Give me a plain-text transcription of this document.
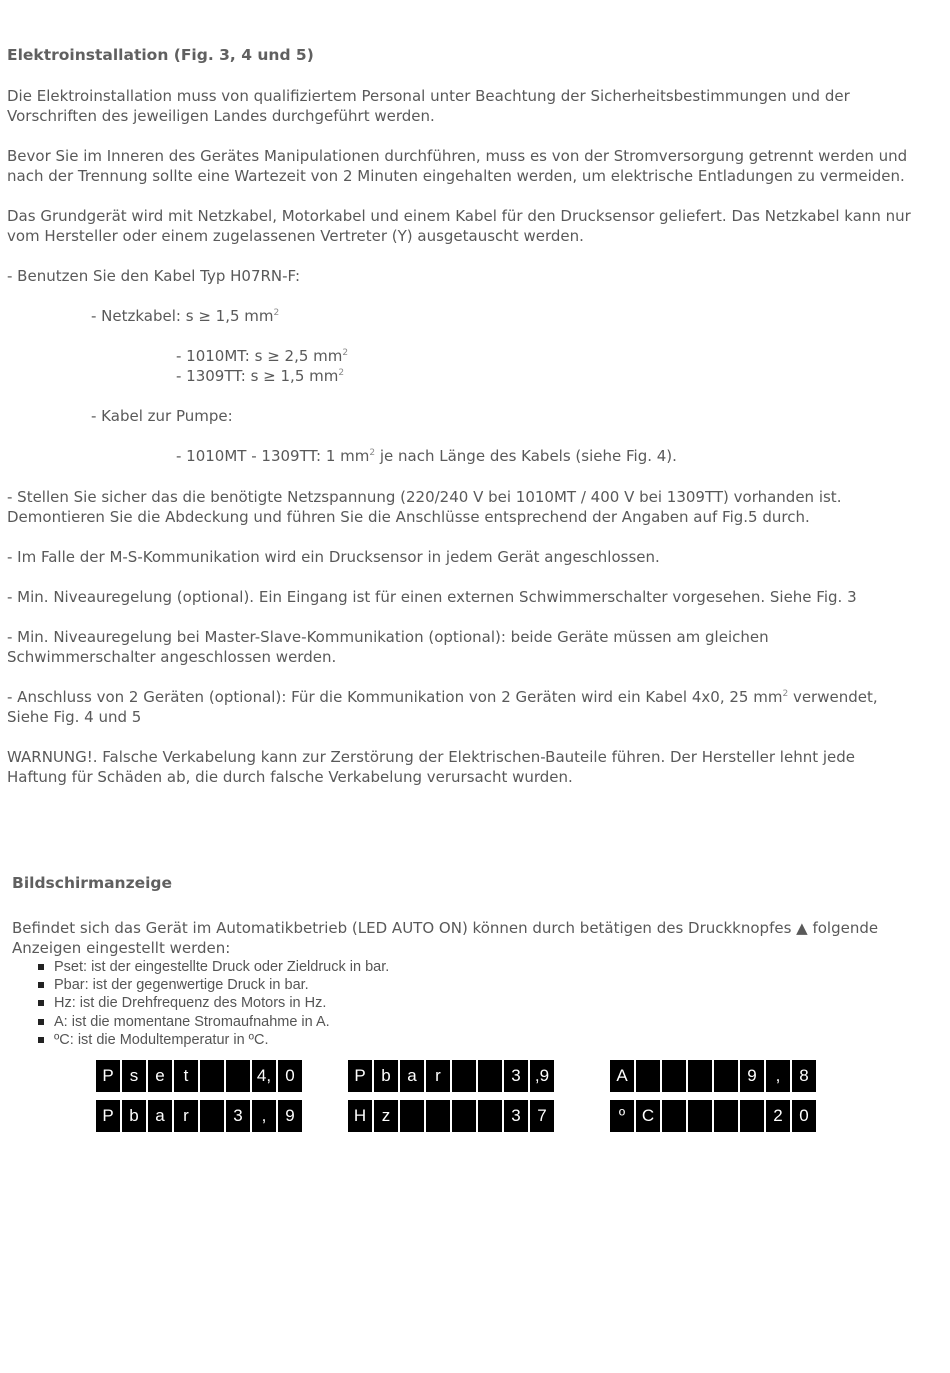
Elektroinstallation (Fig. 3, 4 und 5)

Die Elektroinstallation muss von qualifiziertem Personal unter Beachtung der Sicherheitsbestimmungen und der Vorschriften des jeweiligen Landes durchgeführt werden.

Bevor Sie im Inneren des Gerätes Manipulationen durchführen, muss es von der Stromversorgung getrennt werden und nach der Trennung sollte eine Wartezeit von 2 Minuten eingehalten werden, um elektrische Entladungen zu vermeiden.

Das Grundgerät wird mit Netzkabel, Motorkabel und einem Kabel für den Drucksensor geliefert. Das Netzkabel kann nur vom Hersteller oder einem zugelassenen Vertreter (Y) ausgetauscht werden.

- Benutzen Sie den Kabel Typ H07RN-F:

- Netzkabel: s ≥ 1,5 $mm^2$

- 1010MT: s ≥ 2,5 $mm^2$

- 1309TT: s ≥ 1,5 $mm^2$

- Kabel zur Pumpe:

- 1010MT - 1309TT: 1 $mm^2$ je nach Länge des Kabels (siehe Fig. 4).

- Stellen Sie sicher das die benötigte Netzspannung (220/240 V bei 1010MT / 400 V bei 1309TT) vorhanden ist. Demontieren Sie die Abdeckung und führen Sie die Anschlüsse entsprechend der Angaben auf Fig.5 durch.

- Im Falle der M-S-Kommunikation wird ein Drucksensor in jedem Gerät angeschlossen.

- Min. Niveauregelung (optional). Ein Eingang ist für einen externen Schwimmerschalter vorgesehen. Siehe Fig. 3

- Min. Niveauregelung bei Master-Slave-Kommunikation (optional): beide Geräte müssen am gleichen Schwimmerschalter angeschlossen werden.

- Anschluss von 2 Geräten (optional): Für die Kommunikation von 2 Geräten wird ein Kabel 4x0, 25 $mm^2$ verwendet, Siehe Fig. 4 und 5

WARNUNG!. Falsche Verkabelung kann zur Zerstörung der Elektrischen-Bauteile führen. Der Hersteller lehnt jede Haftung für Schäden ab, die durch falsche Verkabelung verursacht wurden.

Bildschirmanzeige

Befindet sich das Gerät im Automatikbetrieb (LED AUTO ON) können durch betätigen des Druckknopfes ▲ folgende Anzeigen eingestellt werden:

Pset: ist der eingestellte Druck oder Zieldruck in bar.
Pbar: ist der gegenwertige Druck in bar.
Hz: ist die Drehfrequenz des Motors in Hz.
A: ist die momentane Stromaufnahme in A.
ºC: ist die Modultemperatur in ºC.
P s	e	t	4, 0
P b a	r	3	,	9
P b a	r	3 ,9
H z	3 7
A	9	,	8
º C	2 0
